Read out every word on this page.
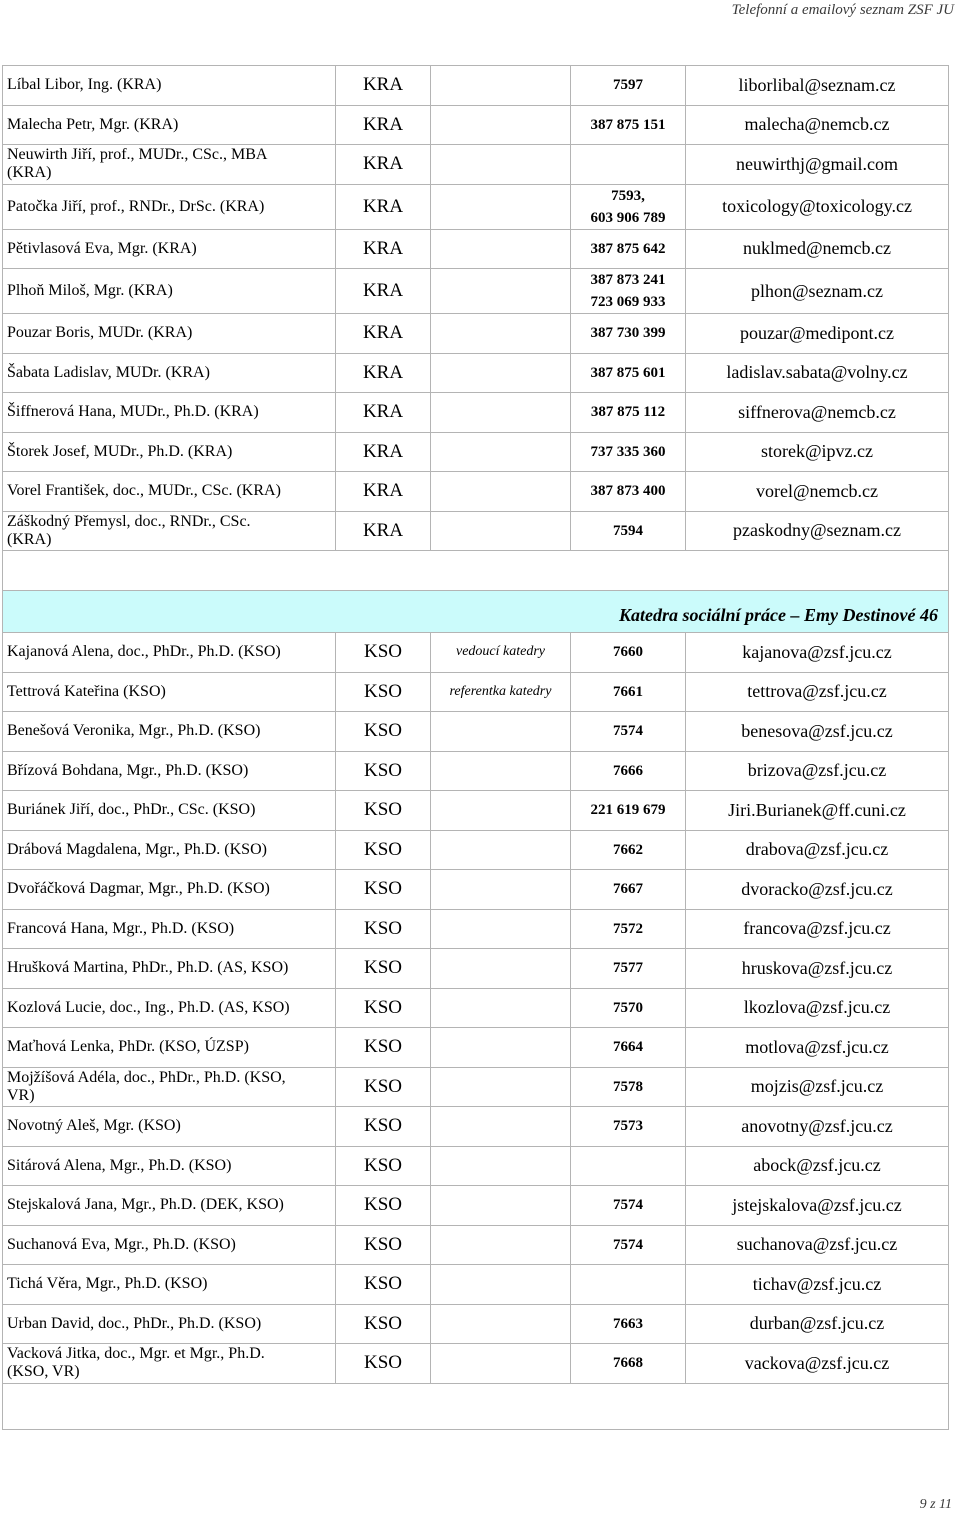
Telefonní a emailový seznam ZSF JU
Líbal Libor, Ing. (KRA)	KRA		7597	liborlibal@seznam.cz
Malecha Petr, Mgr. (KRA)	KRA		387 875 151	malecha@nemcb.cz
Neuwirth Jiří, prof., MUDr., CSc., MBA
(KRA)	KRA			neuwirthj@gmail.com
Patočka Jiří, prof., RNDr., DrSc. (KRA)	KRA		7593,
603 906 789	toxicology@toxicology.cz
Pětivlasová Eva, Mgr. (KRA)	KRA		387 875 642	nuklmed@nemcb.cz
Plhoň Miloš, Mgr. (KRA)	KRA		387 873 241
723 069 933	plhon@seznam.cz
Pouzar Boris, MUDr. (KRA)	KRA		387 730 399	pouzar@medipont.cz
Šabata Ladislav, MUDr. (KRA)	KRA		387 875 601	ladislav.sabata@volny.cz
Šiffnerová Hana, MUDr., Ph.D. (KRA)	KRA		387 875 112	siffnerova@nemcb.cz
Štorek Josef, MUDr., Ph.D. (KRA)	KRA		737 335 360	storek@ipvz.cz
Vorel František, doc., MUDr., CSc. (KRA)	KRA		387 873 400	vorel@nemcb.cz
Záškodný Přemysl, doc., RNDr., CSc.
(KRA)	KRA		7594	pzaskodny@seznam.cz

Katedra sociální práce – Emy Destinové 46				
Kajanová Alena, doc., PhDr., Ph.D. (KSO)	KSO	vedoucí katedry	7660	kajanova@zsf.jcu.cz
Tettrová Kateřina (KSO)	KSO	referentka katedry	7661	tettrova@zsf.jcu.cz
Benešová Veronika, Mgr., Ph.D. (KSO)	KSO		7574	benesova@zsf.jcu.cz
Břízová Bohdana, Mgr., Ph.D. (KSO)	KSO		7666	brizova@zsf.jcu.cz
Buriánek Jiří, doc., PhDr., CSc. (KSO)	KSO		221 619 679	Jiri.Burianek@ff.cuni.cz
Drábová Magdalena, Mgr., Ph.D. (KSO)	KSO		7662	drabova@zsf.jcu.cz
Dvořáčková Dagmar, Mgr., Ph.D. (KSO)	KSO		7667	dvoracko@zsf.jcu.cz
Francová Hana, Mgr., Ph.D. (KSO)	KSO		7572	francova@zsf.jcu.cz
Hrušková Martina, PhDr., Ph.D. (AS, KSO)	KSO		7577	hruskova@zsf.jcu.cz
Kozlová Lucie, doc., Ing., Ph.D. (AS, KSO)	KSO		7570	lkozlova@zsf.jcu.cz
Maťhová Lenka, PhDr. (KSO, ÚZSP)	KSO		7664	motlova@zsf.jcu.cz
Mojžíšová Adéla, doc., PhDr., Ph.D. (KSO,
VR)	KSO		7578	mojzis@zsf.jcu.cz
Novotný Aleš, Mgr. (KSO)	KSO		7573	anovotny@zsf.jcu.cz
Sitárová Alena, Mgr., Ph.D. (KSO)	KSO			abock@zsf.jcu.cz
Stejskalová Jana, Mgr., Ph.D. (DEK, KSO)	KSO		7574	jstejskalova@zsf.jcu.cz
Suchanová Eva, Mgr., Ph.D. (KSO)	KSO		7574	suchanova@zsf.jcu.cz
Tichá Věra, Mgr., Ph.D. (KSO)	KSO			tichav@zsf.jcu.cz
Urban David, doc., PhDr., Ph.D. (KSO)	KSO		7663	durban@zsf.jcu.cz
Vacková Jitka, doc., Mgr. et Mgr., Ph.D.
(KSO, VR)	KSO		7668	vackova@zsf.jcu.cz

9 z 11
